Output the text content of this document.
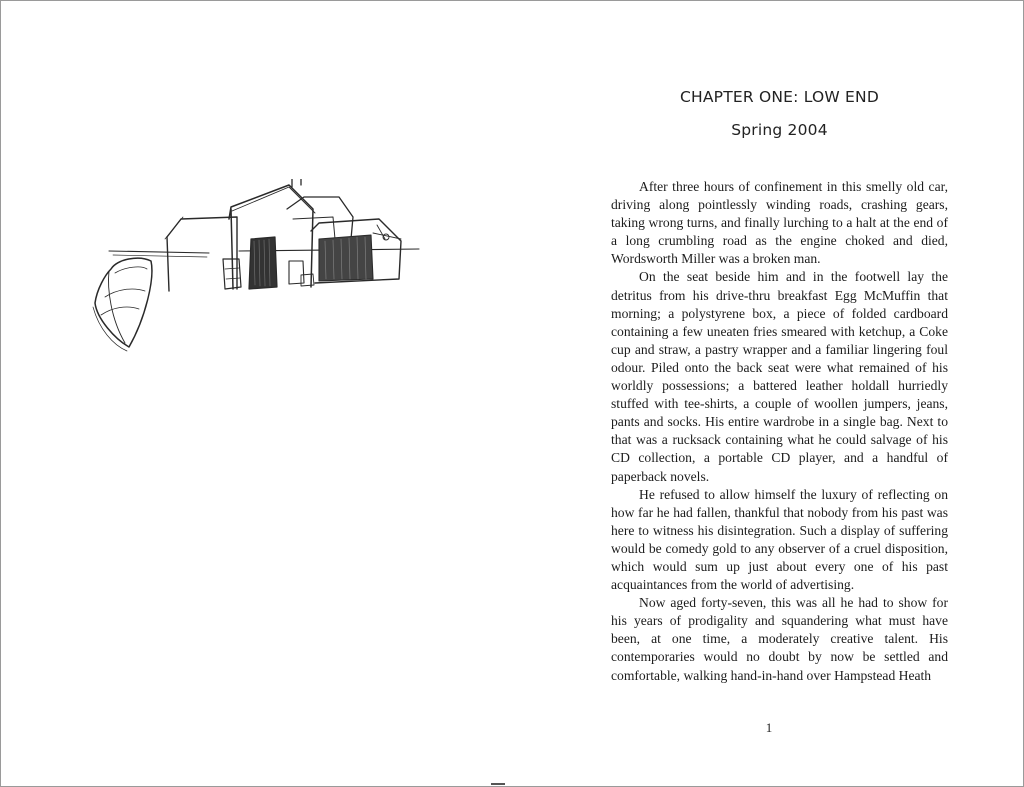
CHAPTER ONE: LOW END
Spring 2004

After three hours of confinement in this smelly old car, driving along pointlessly winding roads, crashing gears, taking wrong turns, and finally lurching to a halt at the end of a long crumbling road as the engine choked and died, Wordsworth Miller was a broken man.

On the seat beside him and in the footwell lay the detritus from his drive-thru breakfast Egg McMuffin that morning; a polystyrene box, a piece of folded cardboard containing a few uneaten fries smeared with ketchup, a Coke cup and straw, a pastry wrapper and a familiar lingering foul odour. Piled onto the back seat were what remained of his worldly possessions; a battered leather holdall hurriedly stuffed with tee-shirts, a couple of woollen jumpers, jeans, pants and socks. His entire wardrobe in a single bag. Next to that was a rucksack containing what he could salvage of his CD collection, a portable CD player, and a handful of paperback novels.

He refused to allow himself the luxury of reflecting on how far he had fallen, thankful that nobody from his past was here to witness his disintegration. Such a display of suffering would be comedy gold to any observer of a cruel disposition, which would sum up just about every one of his past acquaintances from the world of advertising.

Now aged forty-seven, this was all he had to show for his years of prodigality and squandering what must have been, at one time, a moderately creative talent. His contemporaries would no doubt by now be settled and comfortable, walking hand-in-hand over Hampstead Heath

1
